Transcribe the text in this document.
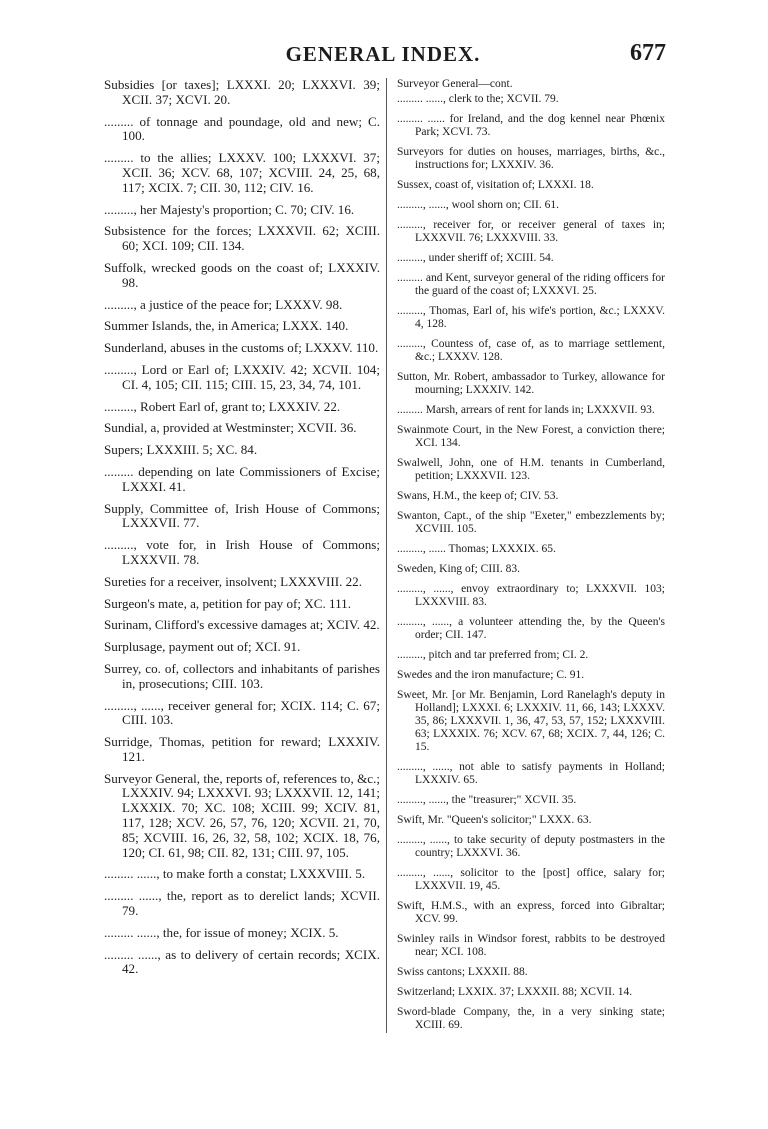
GENERAL INDEX.	677

Subsidies [or taxes]; LXXXI. 20; LXXXVI. 39; XCII. 37; XCVI. 20.

......... of tonnage and poundage, old and new; C. 100.

......... to the allies; LXXXV. 100; LXXXVI. 37; XCII. 36; XCV. 68, 107; XCVIII. 24, 25, 68, 117; XCIX. 7; CII. 30, 112; CIV. 16.

........., her Majesty's proportion; C. 70; CIV. 16.

Subsistence for the forces; LXXXVII. 62; XCIII. 60; XCI. 109; CII. 134.

Suffolk, wrecked goods on the coast of; LXXXIV. 98.

........., a justice of the peace for; LXXXV. 98.

Summer Islands, the, in America; LXXX. 140.

Sunderland, abuses in the customs of; LXXXV. 110.

........., Lord or Earl of; LXXXIV. 42; XCVII. 104; CI. 4, 105; CII. 115; CIII. 15, 23, 34, 74, 101.

........., Robert Earl of, grant to; LXXXIV. 22.

Sundial, a, provided at Westminster; XCVII. 36.

Supers; LXXXIII. 5; XC. 84.

......... depending on late Commissioners of Excise; LXXXI. 41.

Supply, Committee of, Irish House of Commons; LXXXVII. 77.

........., vote for, in Irish House of Commons; LXXXVII. 78.

Sureties for a receiver, insolvent; LXXXVIII. 22.

Surgeon's mate, a, petition for pay of; XC. 111.

Surinam, Clifford's excessive damages at; XCIV. 42.

Surplusage, payment out of; XCI. 91.

Surrey, co. of, collectors and inhabitants of parishes in, prosecutions; CIII. 103.

........., ......, receiver general for; XCIX. 114; C. 67; CIII. 103.

Surridge, Thomas, petition for reward; LXXXIV. 121.

Surveyor General, the, reports of, references to, &c.; LXXXIV. 94; LXXXVI. 93; LXXXVII. 12, 141; LXXXIX. 70; XC. 108; XCIII. 99; XCIV. 81, 117, 128; XCV. 26, 57, 76, 120; XCVII. 21, 70, 85; XCVIII. 16, 26, 32, 58, 102; XCIX. 18, 76, 120; CI. 61, 98; CII. 82, 131; CIII. 97, 105.

......... ......, to make forth a constat; LXXXVIII. 5.

......... ......, the, report as to derelict lands; XCVII. 79.

......... ......, the, for issue of money; XCIX. 5.

......... ......, as to delivery of certain records; XCIX. 42.

Surveyor General—cont.

......... ......, clerk to the; XCVII. 79.

......... ...... for Ireland, and the dog kennel near Phœnix Park; XCVI. 73.

Surveyors for duties on houses, marriages, births, &c., instructions for; LXXXIV. 36.

Sussex, coast of, visitation of; LXXXI. 18.

........., ......, wool shorn on; CII. 61.

........., receiver for, or receiver general of taxes in; LXXXVII. 76; LXXXVIII. 33.

........., under sheriff of; XCIII. 54.

......... and Kent, surveyor general of the riding officers for the guard of the coast of; LXXXVI. 25.

........., Thomas, Earl of, his wife's portion, &c.; LXXXV. 4, 128.

........., Countess of, case of, as to marriage settlement, &c.; LXXXV. 128.

Sutton, Mr. Robert, ambassador to Turkey, allowance for mourning; LXXXIV. 142.

......... Marsh, arrears of rent for lands in; LXXXVII. 93.

Swainmote Court, in the New Forest, a conviction there; XCI. 134.

Swalwell, John, one of H.M. tenants in Cumberland, petition; LXXXVII. 123.

Swans, H.M., the keep of; CIV. 53.

Swanton, Capt., of the ship "Exeter," embezzlements by; XCVIII. 105.

........., ...... Thomas; LXXXIX. 65.

Sweden, King of; CIII. 83.

........., ......, envoy extraordinary to; LXXXVII. 103; LXXXVIII. 83.

........., ......, a volunteer attending the, by the Queen's order; CII. 147.

........., pitch and tar preferred from; CI. 2.

Swedes and the iron manufacture; C. 91.

Sweet, Mr. [or Mr. Benjamin, Lord Ranelagh's deputy in Holland]; LXXXI. 6; LXXXIV. 11, 66, 143; LXXXV. 35, 86; LXXXVII. 1, 36, 47, 53, 57, 152; LXXXVIII. 63; LXXXIX. 76; XCV. 67, 68; XCIX. 7, 44, 126; C. 15.

........., ......, not able to satisfy payments in Holland; LXXXIV. 65.

........., ......, the "treasurer;" XCVII. 35.

Swift, Mr. "Queen's solicitor;" LXXX. 63.

........., ......, to take security of deputy postmasters in the country; LXXXVI. 36.

........., ......, solicitor to the [post] office, salary for; LXXXVII. 19, 45.

Swift, H.M.S., with an express, forced into Gibraltar; XCV. 99.

Swinley rails in Windsor forest, rabbits to be destroyed near; XCI. 108.

Swiss cantons; LXXXII. 88.

Switzerland; LXXIX. 37; LXXXII. 88; XCVII. 14.

Sword-blade Company, the, in a very sinking state; XCIII. 69.
